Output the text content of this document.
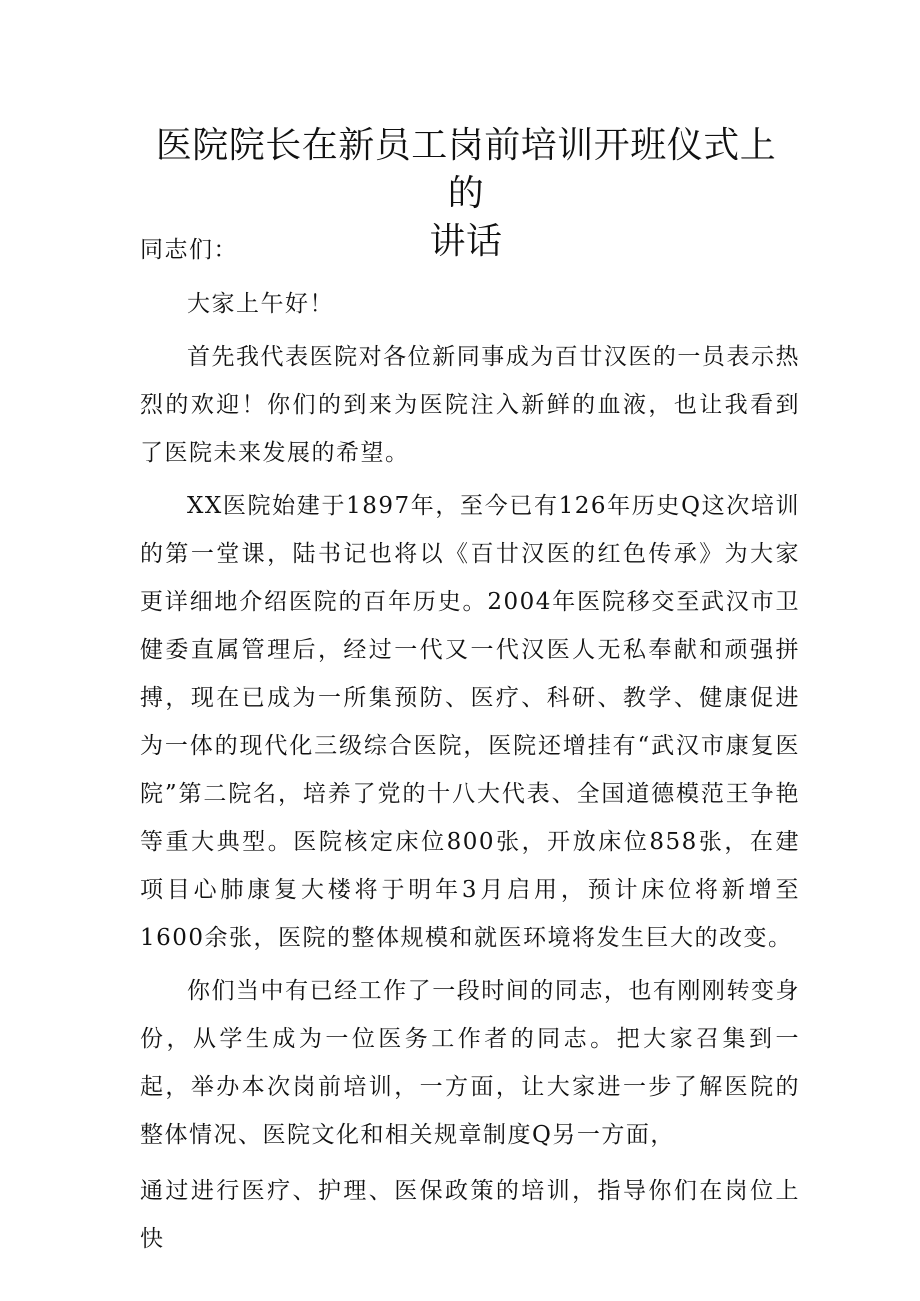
医院院长在新员工岗前培训开班仪式上的
讲话

同志们：

大家上午好！

首先我代表医院对各位新同事成为百廿汉医的一员表示热烈的欢迎！你们的到来为医院注入新鲜的血液，也让我看到了医院未来发展的希望。

XX医院始建于1897年，至今已有126年历史Q这次培训的第一堂课，陆书记也将以《百廿汉医的红色传承》为大家更详细地介绍医院的百年历史。2004年医院移交至武汉市卫健委直属管理后，经过一代又一代汉医人无私奉献和顽强拼搏，现在已成为一所集预防、医疗、科研、教学、健康促进为一体的现代化三级综合医院，医院还增挂有“武汉市康复医院”第二院名，培养了党的十八大代表、全国道德模范王争艳等重大典型。医院核定床位800张，开放床位858张，在建项目心肺康复大楼将于明年3月启用，预计床位将新增至1600余张，医院的整体规模和就医环境将发生巨大的改变。

你们当中有已经工作了一段时间的同志，也有刚刚转变身份，从学生成为一位医务工作者的同志。把大家召集到一起，举办本次岗前培训，一方面，让大家进一步了解医院的整体情况、医院文化和相关规章制度Q另一方面，

通过进行医疗、护理、医保政策的培训，指导你们在岗位上快
